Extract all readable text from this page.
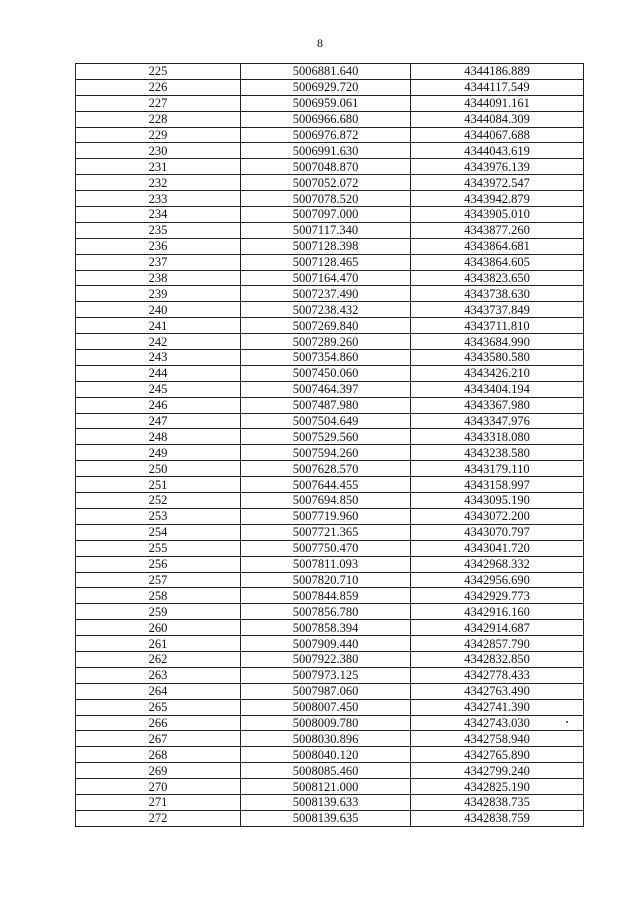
8
225	5006881.640	4344186.889
226	5006929.720	4344117.549
227	5006959.061	4344091.161
228	5006966.680	4344084.309
229	5006976.872	4344067.688
230	5006991.630	4344043.619
231	5007048.870	4343976.139
232	5007052.072	4343972.547
233	5007078.520	4343942.879
234	5007097.000	4343905.010
235	5007117.340	4343877.260
236	5007128.398	4343864.681
237	5007128.465	4343864.605
238	5007164.470	4343823.650
239	5007237.490	4343738.630
240	5007238.432	4343737.849
241	5007269.840	4343711.810
242	5007289.260	4343684.990
243	5007354.860	4343580.580
244	5007450.060	4343426.210
245	5007464.397	4343404.194
246	5007487.980	4343367.980
247	5007504.649	4343347.976
248	5007529.560	4343318.080
249	5007594.260	4343238.580
250	5007628.570	4343179.110
251	5007644.455	4343158.997
252	5007694.850	4343095.190
253	5007719.960	4343072.200
254	5007721.365	4343070.797
255	5007750.470	4343041.720
256	5007811.093	4342968.332
257	5007820.710	4342956.690
258	5007844.859	4342929.773
259	5007856.780	4342916.160
260	5007858.394	4342914.687
261	5007909.440	4342857.790
262	5007922.380	4342832.850
263	5007973.125	4342778.433
264	5007987.060	4342763.490
265	5008007.450	4342741.390
266	5008009.780	4342743.030
267	5008030.896	4342758.940
268	5008040.120	4342765.890
269	5008085.460	4342799.240
270	5008121.000	4342825.190
271	5008139.633	4342838.735
272	5008139.635	4342838.759
